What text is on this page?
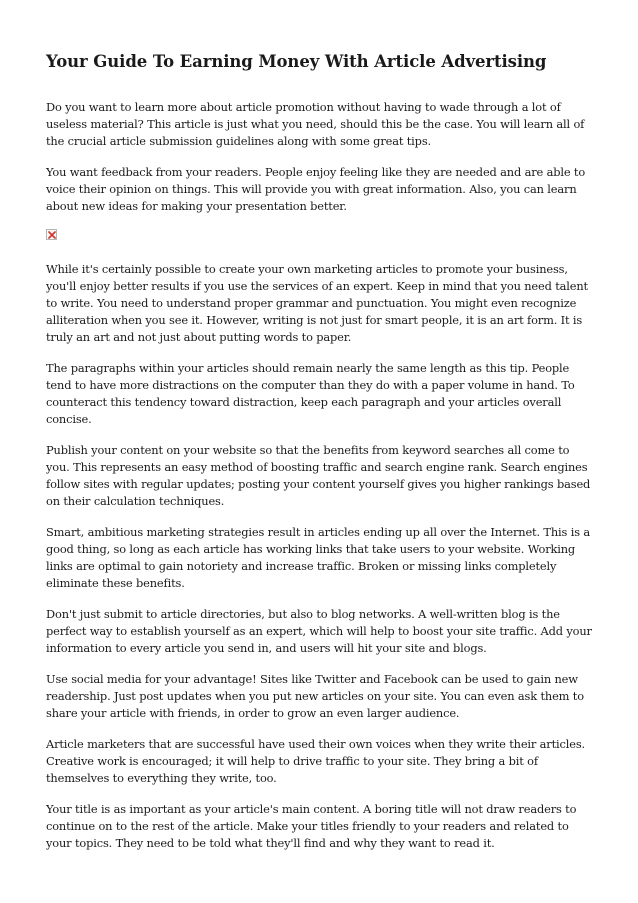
Your Guide To Earning Money With Article Advertising

Do you want to learn more about article promotion without having to wade through a lot of useless material? This article is just what you need, should this be the case. You will learn all of the crucial article submission guidelines along with some great tips.

You want feedback from your readers. People enjoy feeling like they are needed and are able to voice their opinion on things. This will provide you with great information. Also, you can learn about new ideas for making your presentation better.

While it's certainly possible to create your own marketing articles to promote your business, you'll enjoy better results if you use the services of an expert. Keep in mind that you need talent to write. You need to understand proper grammar and punctuation. You might even recognize alliteration when you see it. However, writing is not just for smart people, it is an art form. It is truly an art and not just about putting words to paper.

The paragraphs within your articles should remain nearly the same length as this tip. People tend to have more distractions on the computer than they do with a paper volume in hand. To counteract this tendency toward distraction, keep each paragraph and your articles overall concise.

Publish your content on your website so that the benefits from keyword searches all come to you. This represents an easy method of boosting traffic and search engine rank. Search engines follow sites with regular updates; posting your content yourself gives you higher rankings based on their calculation techniques.

Smart, ambitious marketing strategies result in articles ending up all over the Internet. This is a good thing, so long as each article has working links that take users to your website. Working links are optimal to gain notoriety and increase traffic. Broken or missing links completely eliminate these benefits.

Don't just submit to article directories, but also to blog networks. A well-written blog is the perfect way to establish yourself as an expert, which will help to boost your site traffic. Add your information to every article you send in, and users will hit your site and blogs.

Use social media for your advantage! Sites like Twitter and Facebook can be used to gain new readership. Just post updates when you put new articles on your site. You can even ask them to share your article with friends, in order to grow an even larger audience.

Article marketers that are successful have used their own voices when they write their articles. Creative work is encouraged; it will help to drive traffic to your site. They bring a bit of themselves to everything they write, too.

Your title is as important as your article's main content. A boring title will not draw readers to continue on to the rest of the article. Make your titles friendly to your readers and related to your topics. They need to be told what they'll find and why they want to read it.
